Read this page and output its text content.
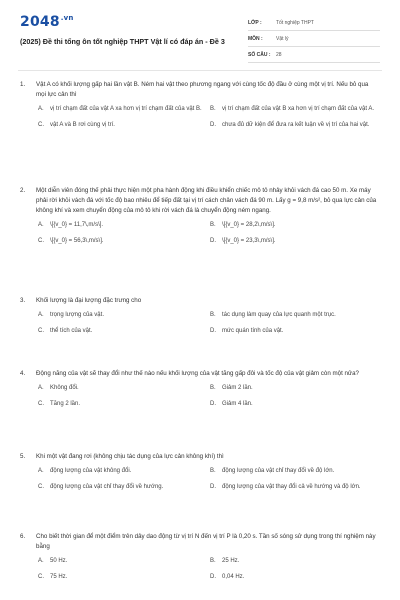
$2048^{.vn}$
(2025) Đề thi tổng ôn tốt nghiệp THPT Vật lí có đáp án - Đề 3
LỚP :	Tốt nghiệp THPT
MÔN :	Vật lý
SỐ CÂU :	28
1.	Vật A có khối lượng gấp hai lần vật B. Ném hai vật theo phương ngang với cùng tốc độ đầu ở cùng một vị trí. Nếu bỏ qua mọi lực cản thì
A.	vị trí chạm đất của vật A xa hơn vị trí chạm đất của vật B.	B.	vị trí chạm đất của vật B xa hơn vị trí chạm đất của vật A.
C.	vật A và B rơi cùng vị trí.	D.	chưa đủ dữ kiện để đưa ra kết luận về vị trí của hai vật.
2.	Một diễn viên đóng thế phải thực hiện một pha hành động khi điều khiển chiếc mô tô nhảy khỏi vách đá cao 50 m. Xe máy phải rời khỏi vách đá với tốc độ bao nhiêu để tiếp đất tại vị trí cách chân vách đá 90 m. Lấy g = 9,8 m/s², bỏ qua lực cản của không khí và xem chuyển động của mô tô khi rời vách đá là chuyển động ném ngang.
A.	\[{v_0} = 11,7\,m/s\].	B.	\[{v_0} = 28,2\,m/s\].
C.	\[{v_0} = 56,3\,m/s\].	D.	\[{v_0} = 23,3\,m/s\].
3.	Khối lượng là đại lượng đặc trưng cho
A.	trọng lượng của vật.	B.	tác dụng làm quay của lực quanh một trục.
C.	thể tích của vật.	D.	mức quán tính của vật.
4.	Động năng của vật sẽ thay đổi như thế nào nếu khối lượng của vật tăng gấp đôi và tốc độ của vật giảm còn một nửa?
A.	Không đổi.	B.	Giảm 2 lần.
C.	Tăng 2 lần.	D.	Giảm 4 lần.
5.	Khi một vật đang rơi (không chịu tác dụng của lực cản không khí) thì
A.	động lượng của vật không đổi.	B.	động lượng của vật chỉ thay đổi về độ lớn.
C.	động lượng của vật chỉ thay đổi về hướng.	D.	động lượng của vật thay đổi cả về hướng và độ lớn.
6.	Cho biết thời gian để một điểm trên dây dao động từ vị trí N đến vị trí P là 0,20 s. Tần số sóng sử dụng trong thí nghiệm này bằng
A.	50 Hz.	B.	25 Hz.
C.	75 Hz.	D.	0,04 Hz.
